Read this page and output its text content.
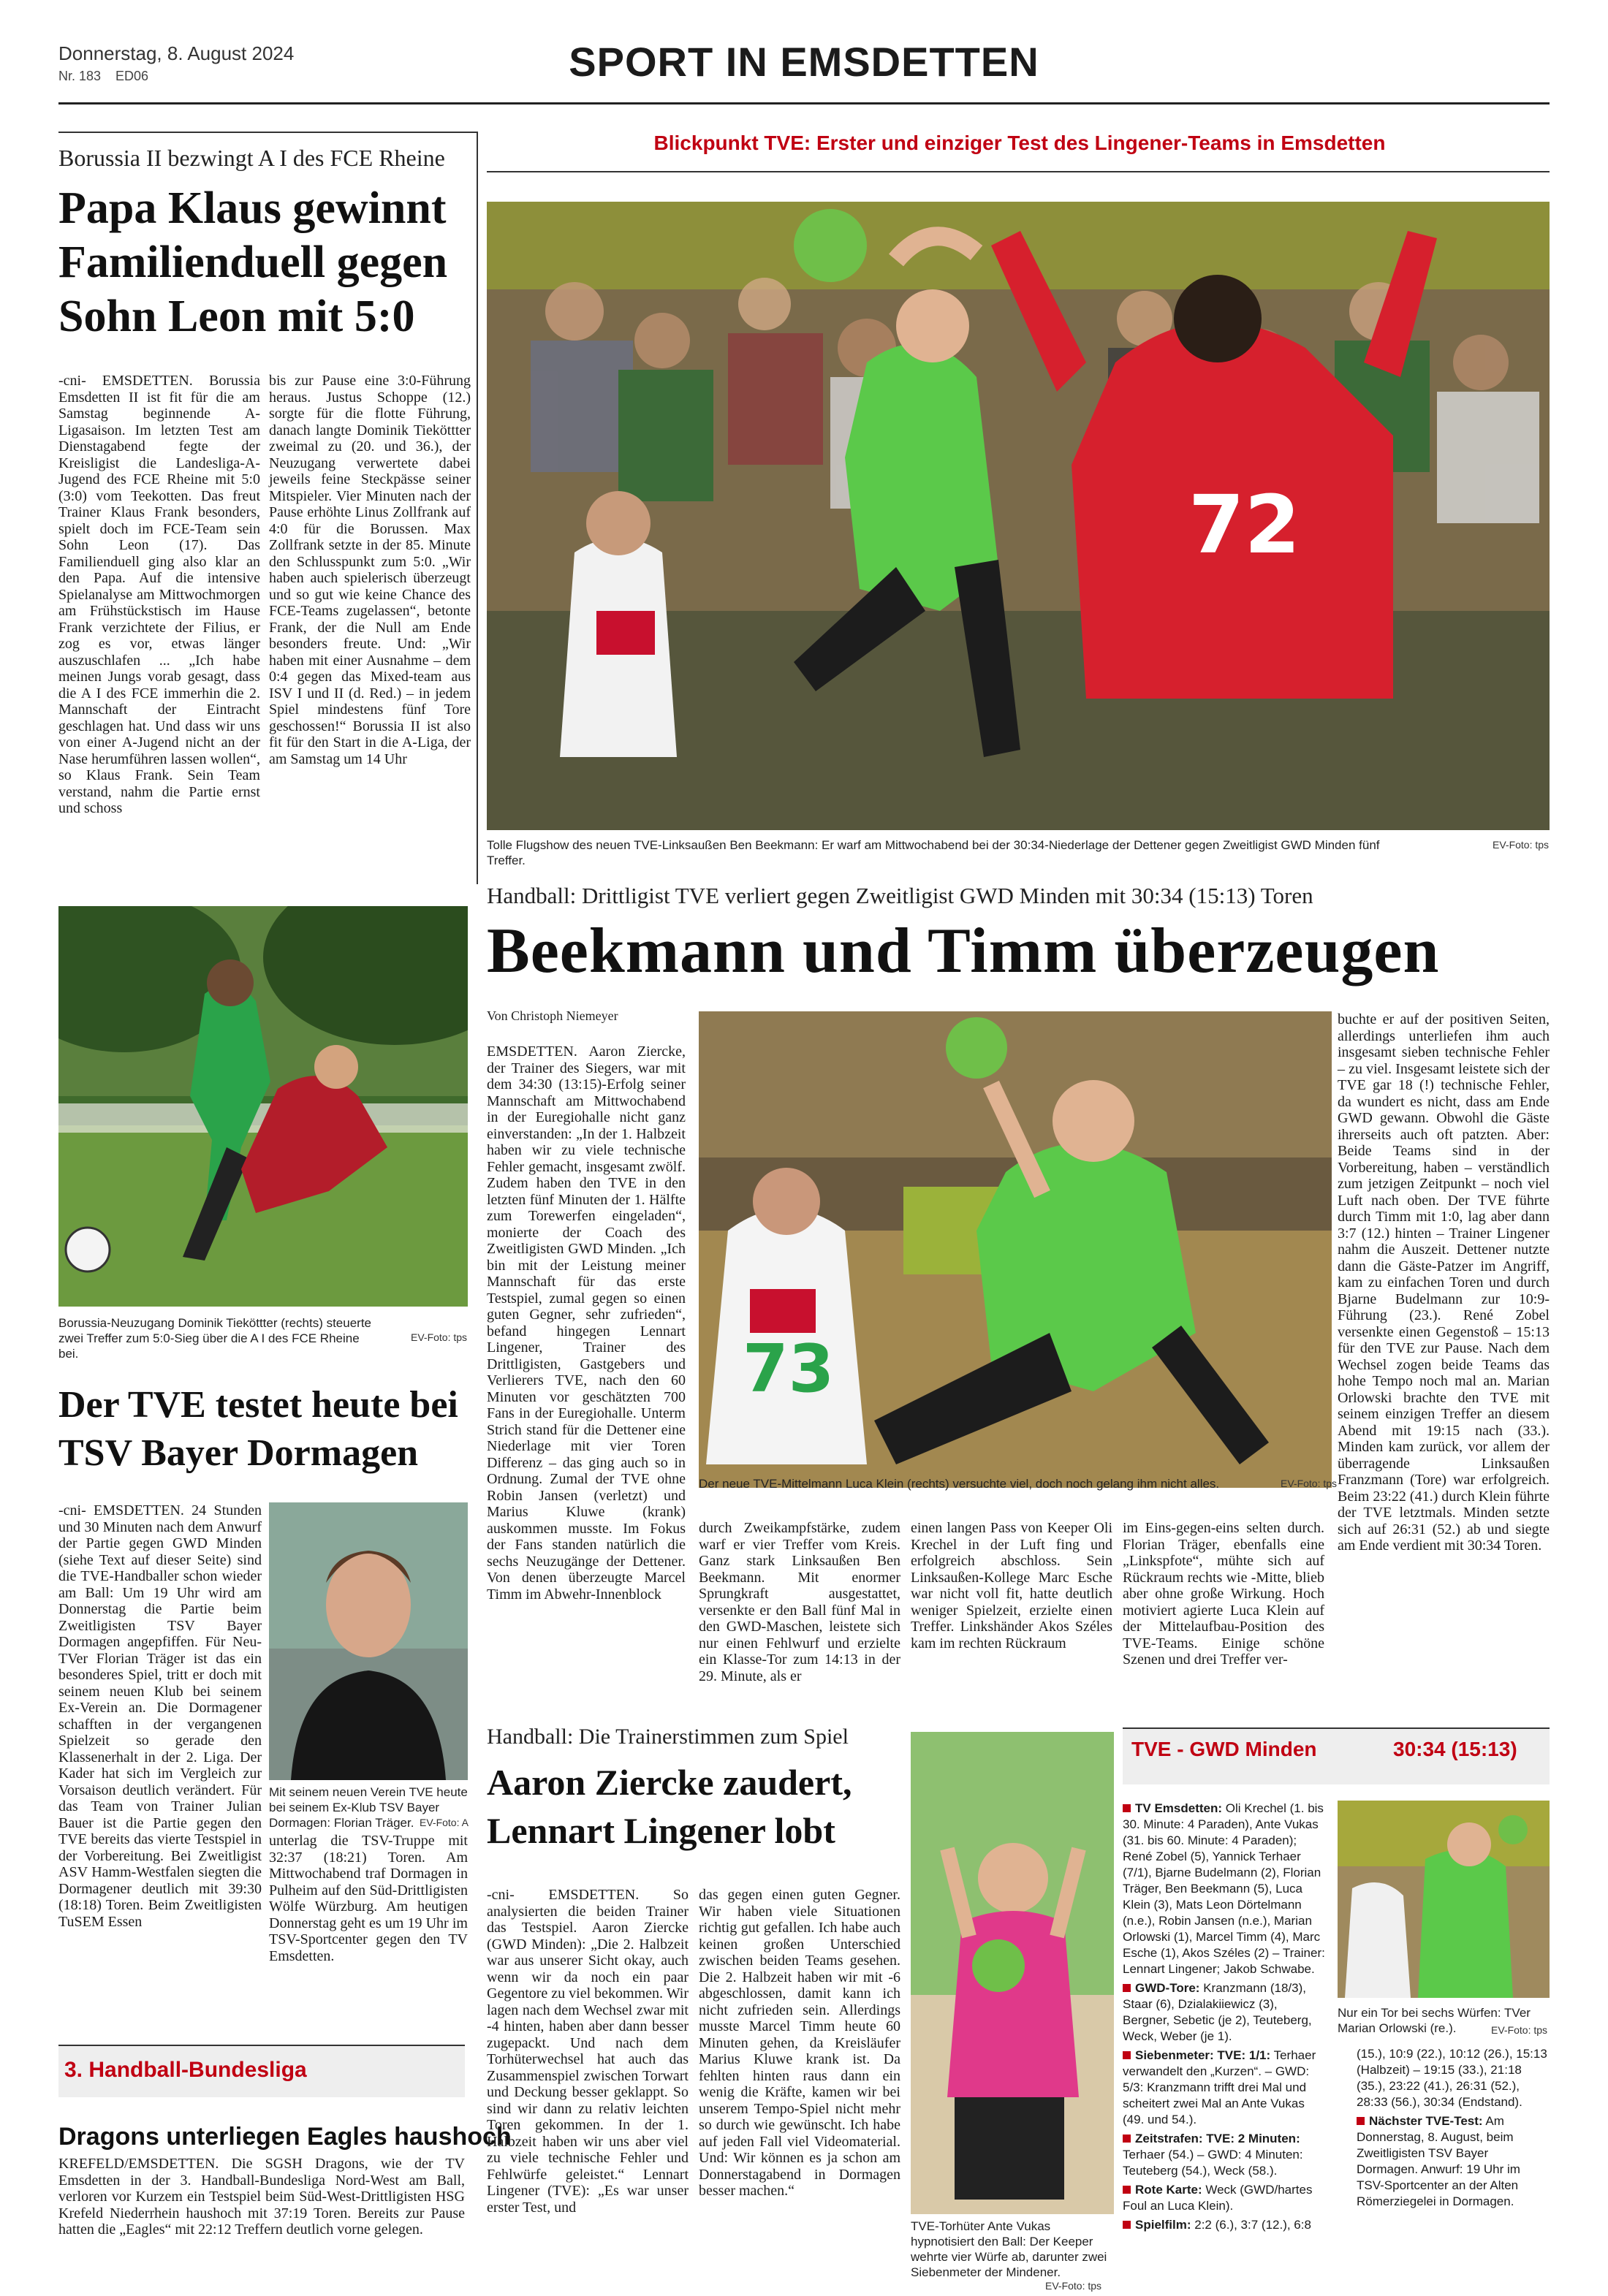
Donnerstag, 8. August 2024
Nr. 183    ED06	SPORT IN EMSDETTEN
Borussia II bezwingt A I des FCE Rheine
Papa Klaus gewinnt Familienduell gegen Sohn Leon mit 5:0

-cni- EMSDETTEN. Borussia Emsdetten II ist fit für die am Samstag beginnende A-Ligasaison. Im letzten Test am Dienstagabend fegte der Kreisligist die Landesliga-A-Jugend des FCE Rheine mit 5:0 (3:0) vom Teekotten. Das freut Trainer Klaus Frank besonders, spielt doch im FCE-Team sein Sohn Leon (17). Das Familienduell ging also klar an den Papa. Auf die intensive Spielanalyse am Mittwochmorgen am Frühstückstisch im Hause Frank verzichtete der Filius, er zog es vor, etwas länger auszuschlafen ... „Ich habe meinen Jungs vorab gesagt, dass die A I des FCE immerhin die 2. Mannschaft der Eintracht geschlagen hat. Und dass wir uns von einer A-Jugend nicht an der Nase herumführen lassen wollen“, so Klaus Frank. Sein Team verstand, nahm die Partie ernst und schoss

bis zur Pause eine 3:0-Führung heraus. Justus Schoppe (12.) sorgte für die flotte Führung, danach langte Dominik Tieköttter zweimal zu (20. und 36.), der Neuzugang verwertete dabei jeweils feine Steckpässe seiner Mitspieler. Vier Minuten nach der Pause erhöhte Linus Zollfrank auf 4:0 für die Borussen. Max Zollfrank setzte in der 85. Minute den Schlusspunkt zum 5:0. „Wir haben auch spielerisch überzeugt und so gut wie keine Chance des FCE-Teams zugelassen“, betonte Frank, der die Null am Ende besonders freute. Und: „Wir haben mit einer Ausnahme – dem 0:4 gegen das Mixed-team aus ISV I und II (d. Red.) – in jedem Spiel mindestens fünf Tore geschossen!“ Borussia II ist also fit für den Start in die A-Liga, der am Samstag um 14 Uhr

Borussia-Neuzugang Dominik Tieköttter (rechts) steuerte zwei Treffer zum 5:0-Sieg über die A I des FCE Rheine bei.
EV-Foto: tps
Der TVE testet heute bei TSV Bayer Dormagen

-cni- EMSDETTEN. 24 Stunden und 30 Minuten nach dem Anwurf der Partie gegen GWD Minden (siehe Text auf dieser Seite) sind die TVE-Handballer schon wieder am Ball: Um 19 Uhr wird am Donnerstag die Partie beim Zweitligisten TSV Bayer Dormagen angepfiffen. Für Neu-TVer Florian Träger ist das ein besonderes Spiel, tritt er doch mit seinem neuen Klub bei seinem Ex-Verein an. Die Dormagener schafften in der vergangenen Spielzeit so gerade den Klassenerhalt in der 2. Liga. Der Kader hat sich im Vergleich zur Vorsaison deutlich verändert. Für das Team von Trainer Julian Bauer ist die Partie gegen den TVE bereits das vierte Testspiel in der Vorbereitung. Bei Zweitligist ASV Hamm-Westfalen siegten die Dormagener deutlich mit 39:30 (18:18) Toren. Beim Zweitligisten TuSEM Essen

Mit seinem neuen Verein TVE heute bei seinem Ex-Klub TSV Bayer Dormagen: Florian Träger. EV-Foto: A

unterlag die TSV-Truppe mit 32:37 (18:21) Toren. Am Mittwochabend traf Dormagen in Pulheim auf den Süd-Drittligisten Wölfe Würzburg. Am heutigen Donnerstag geht es um 19 Uhr im TSV-Sportcenter gegen den TV Emsdetten.

3. Handball-Bundesliga
Dragons unterliegen Eagles haushoch

KREFELD/EMSDETTEN. Die SGSH Dragons, wie der TV Emsdetten in der 3. Handball-Bundesliga Nord-West am Ball, verloren vor Kurzem ein Testspiel beim Süd-West-Drittligisten HSG Krefeld Niederrhein haushoch mit 37:19 Toren. Bereits zur Pause hatten die „Eagles“ mit 22:12 Treffern deutlich vorne gelegen.

Blickpunkt TVE: Erster und einziger Test des Lingener-Teams in Emsdetten
72
Tolle Flugshow des neuen TVE-Linksaußen Ben Beekmann: Er warf am Mittwochabend bei der 30:34-Niederlage der Dettener gegen Zweitligist GWD Minden fünf Treffer.
EV-Foto: tps
Handball: Drittligist TVE verliert gegen Zweitligist GWD Minden mit 30:34 (15:13) Toren
Beekmann und Timm überzeugen
Von Christoph Niemeyer

EMSDETTEN. Aaron Ziercke, der Trainer des Siegers, war mit dem 34:30 (13:15)-Erfolg seiner Mannschaft am Mittwochabend in der Euregiohalle nicht ganz einverstanden: „In der 1. Halbzeit haben wir zu viele technische Fehler gemacht, insgesamt zwölf. Zudem haben den TVE in den letzten fünf Minuten der 1. Hälfte zum Torewerfen eingeladen“, monierte der Coach des Zweitligisten GWD Minden. „Ich bin mit der Leistung meiner Mannschaft für das erste Testspiel, zumal gegen so einen guten Gegner, sehr zufrieden“, befand hingegen Lennart Lingener, Trainer des Drittligisten, Gastgebers und Verlierers TVE, nach den 60 Minuten vor geschätzten 700 Fans in der Euregiohalle. Unterm Strich stand für die Dettener eine Niederlage mit vier Toren Differenz – das ging auch so in Ordnung. Zumal der TVE ohne Robin Jansen (verletzt) und Marius Kluwe (krank) auskommen musste. Im Fokus der Fans standen natürlich die sechs Neuzugänge der Dettener. Von denen überzeugte Marcel Timm im Abwehr-Innenblock

73
Der neue TVE-Mittelmann Luca Klein (rechts) versuchte viel, doch noch gelang ihm nicht alles.	EV-Foto: tps

durch Zweikampfstärke, zudem warf er vier Treffer vom Kreis. Ganz stark Linksaußen Ben Beekmann. Mit enormer Sprungkraft ausgestattet, versenkte er den Ball fünf Mal in den GWD-Maschen, leistete sich nur einen Fehlwurf und erzielte ein Klasse-Tor zum 14:13 in der 29. Minute, als er

einen langen Pass von Keeper Oli Krechel in der Luft fing und erfolgreich abschloss. Sein Linksaußen-Kollege Marc Esche war nicht voll fit, hatte deutlich weniger Spielzeit, erzielte einen Treffer. Linkshänder Akos Széles kam im rechten Rückraum

im Eins-gegen-eins selten durch. Florian Träger, ebenfalls eine „Linkspfote“, mühte sich auf Rückraum rechts wie -Mitte, blieb aber ohne große Wirkung. Hoch motiviert agierte Luca Klein auf der Mittelaufbau-Position des TVE-Teams. Einige schöne Szenen und drei Treffer ver-

buchte er auf der positiven Seiten, allerdings unterliefen ihm auch insgesamt sieben technische Fehler – zu viel. Insgesamt leistete sich der TVE gar 18 (!) technische Fehler, da wundert es nicht, dass am Ende GWD gewann. Obwohl die Gäste ihrerseits auch oft patzten. Aber: Beide Teams sind in der Vorbereitung, haben – verständlich zum jetzigen Zeitpunkt – noch viel Luft nach oben. Der TVE führte durch Timm mit 1:0, lag aber dann 3:7 (12.) hinten – Trainer Lingener nahm die Auszeit. Dettener nutzte dann die Gäste-Patzer im Angriff, kam zu einfachen Toren und durch Bjarne Budelmann zur 10:9-Führung (23.). René Zobel versenkte einen Gegenstoß – 15:13 für den TVE zur Pause. Nach dem Wechsel zogen beide Teams das hohe Tempo noch mal an. Marian Orlowski brachte den TVE mit seinem einzigen Treffer an diesem Abend mit 19:15 nach (33.). Minden kam zurück, vor allem der überragende Linksaußen Franzmann (Tore) war erfolgreich. Beim 23:22 (41.) durch Klein führte der TVE letztmals. Minden setzte sich auf 26:31 (52.) ab und siegte am Ende verdient mit 30:34 Toren.

Handball: Die Trainerstimmen zum Spiel
Aaron Ziercke zaudert, Lennart Lingener lobt

-cni- EMSDETTEN. So analysierten die beiden Trainer das Testspiel. Aaron Ziercke (GWD Minden): „Die 2. Halbzeit war aus unserer Sicht okay, auch wenn wir da noch ein paar Gegentore zu viel bekommen. Wir lagen nach dem Wechsel zwar mit -4 hinten, haben aber dann besser zugepackt. Und nach dem Torhüterwechsel hat auch das Zusammenspiel zwischen Torwart und Deckung besser geklappt. So sind wir dann zu relativ leichten Toren gekommen. In der 1. Halbzeit haben wir uns aber viel zu viele technische Fehler und Fehlwürfe geleistet.“ Lennart Lingener (TVE): „Es war unser erster Test, und

das gegen einen guten Gegner. Wir haben viele Situationen richtig gut gefallen. Ich habe auch keinen großen Unterschied zwischen beiden Teams gesehen. Die 2. Halbzeit haben wir mit -6 abgeschlossen, damit kann ich nicht zufrieden sein. Allerdings musste Marcel Timm heute 60 Minuten gehen, da Kreisläufer Marius Kluwe krank ist. Da fehlten hinten raus dann ein wenig die Kräfte, kamen wir bei unserem Tempo-Spiel nicht mehr so durch wie gewünscht. Ich habe auf jeden Fall viel Videomaterial. Und: Wir können es ja schon am Donnerstagabend in Dormagen besser machen.“

TVE-Torhüter Ante Vukas hypnotisiert den Ball: Der Keeper wehrte vier Würfe ab, darunter zwei Siebenmeter der Mindener.
EV-Foto: tps
TVE - GWD Minden	30:34 (15:13)
TV Emsdetten: Oli Krechel (1. bis 30. Minute: 4 Paraden), Ante Vukas (31. bis 60. Minute: 4 Paraden); René Zobel (5), Yannick Terhaer (7/1), Bjarne Budelmann (2), Florian Träger, Ben Beekmann (5), Luca Klein (3), Mats Leon Dörtelmann (n.e.), Robin Jansen (n.e.), Marian Orlowski (1), Marcel Timm (4), Marc Esche (1), Akos Széles (2) – Trainer: Lennart Lingener; Jakob Schwabe.
GWD-Tore: Kranzmann (18/3), Staar (6), Dzialakiiewicz (3), Bergner, Sebetic (je 2), Teuteberg, Weck, Weber (je 1).
Siebenmeter: TVE: 1/1: Terhaer verwandelt den „Kurzen“. – GWD: 5/3: Kranzmann trifft drei Mal und scheitert zwei Mal an Ante Vukas (49. und 54.).
Zeitstrafen: TVE: 2 Minuten: Terhaer (54.) – GWD: 4 Minuten: Teuteberg (54.), Weck (58.).
Rote Karte: Weck (GWD/hartes Foul an Luca Klein).
Spielfilm: 2:2 (6.), 3:7 (12.), 6:8
Nur ein Tor bei sechs Würfen: TVer Marian Orlowski (re.).	EV-Foto: tps
(15.), 10:9 (22.), 10:12 (26.), 15:13 (Halbzeit) – 19:15 (33.), 21:18 (35.), 23:22 (41.), 26:31 (52.), 28:33 (56.), 30:34 (Endstand).
Nächster TVE-Test: Am Donnerstag, 8. August, beim Zweitligisten TSV Bayer Dormagen. Anwurf: 19 Uhr im TSV-Sportcenter an der Alten Römerziegelei in Dormagen.
